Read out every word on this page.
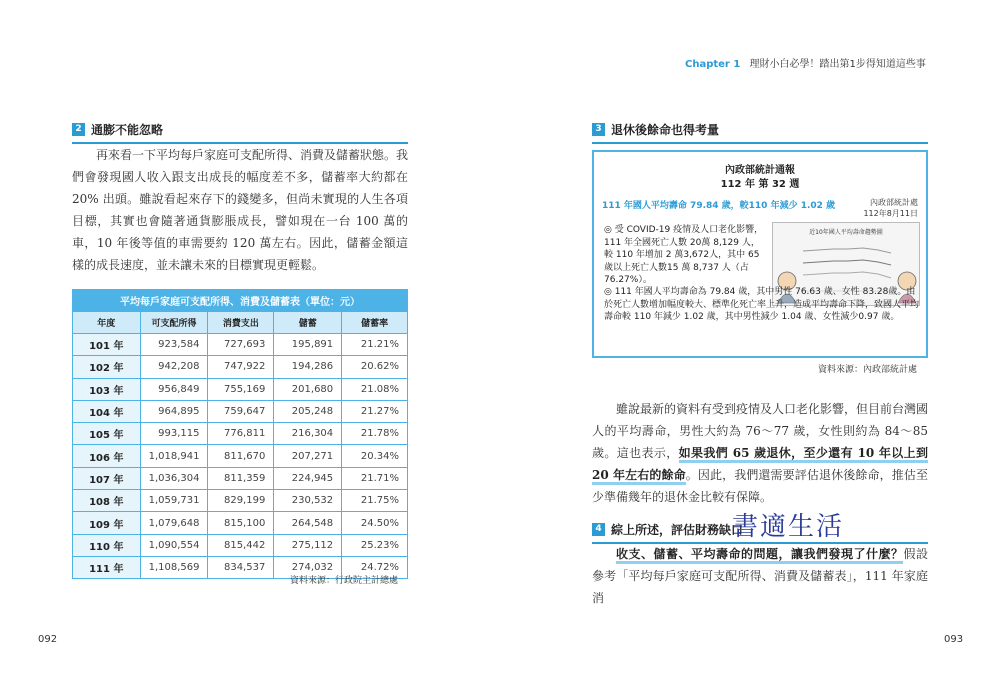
Chapter 1 理財小白必學！踏出第1步得知道這些事
2 通膨不能忽略
再來看一下平均每戶家庭可支配所得、消費及儲蓄狀態。我們會發現國人收入跟支出成長的幅度差不多，儲蓄率大約都在20% 出頭。雖說看起來存下的錢變多，但尚未實現的人生各項目標，其實也會隨著通貨膨脹成長，譬如現在一台 100 萬的車，10 年後等值的車需要約 120 萬左右。因此，儲蓄金額這樣的成長速度，並未讓未來的目標實現更輕鬆。
平均每戶家庭可支配所得、消費及儲蓄表（單位：元）				
年度	可支配所得	消費支出	儲蓄	儲蓄率
101 年	923,584	727,693	195,891	21.21%
102 年	942,208	747,922	194,286	20.62%
103 年	956,849	755,169	201,680	21.08%
104 年	964,895	759,647	205,248	21.27%
105 年	993,115	776,811	216,304	21.78%
106 年	1,018,941	811,670	207,271	20.34%
107 年	1,036,304	811,359	224,945	21.71%
108 年	1,059,731	829,199	230,532	21.75%
109 年	1,079,648	815,100	264,548	24.50%
110 年	1,090,554	815,442	275,112	25.23%
111 年	1,108,569	834,537	274,032	24.72%
資料來源：行政院主計總處
092
3 退休後餘命也得考量
內政部統計通報
112 年 第 32 週
111 年國人平均壽命 79.84 歲，較110 年減少 1.02 歲	內政部統計處
112年8月11日
◎ 受 COVID-19 疫情及人口老化影響，111 年全國死亡人數 20萬 8,129 人，較 110 年增加 2 萬3,672人，其中 65 歲以上死亡人數15 萬 8,737 人（占 76.27%）。
近10年國人平均壽命趨勢圖
◎ 111 年國人平均壽命為 79.84 歲，其中男性 76.63 歲、女性 83.28歲。由於死亡人數增加幅度較大、標準化死亡率上升，造成平均壽命下降，致國人平均壽命較 110 年減少 1.02 歲，其中男性減少 1.04 歲、女性減少0.97 歲。
資料來源：內政部統計處
雖說最新的資料有受到疫情及人口老化影響，但目前台灣國人的平均壽命，男性大約為 76～77 歲，女性則約為 84～85 歲。這也表示，如果我們 65 歲退休，至少還有 10 年以上到 20 年左右的餘命。因此，我們還需要評估退休後餘命，推估至少準備幾年的退休金比較有保障。
4 綜上所述，評估財務缺口
收支、儲蓄、平均壽命的問題，讓我們發現了什麼？假設參考「平均每戶家庭可支配所得、消費及儲蓄表」，111 年家庭消
書適生活
093
